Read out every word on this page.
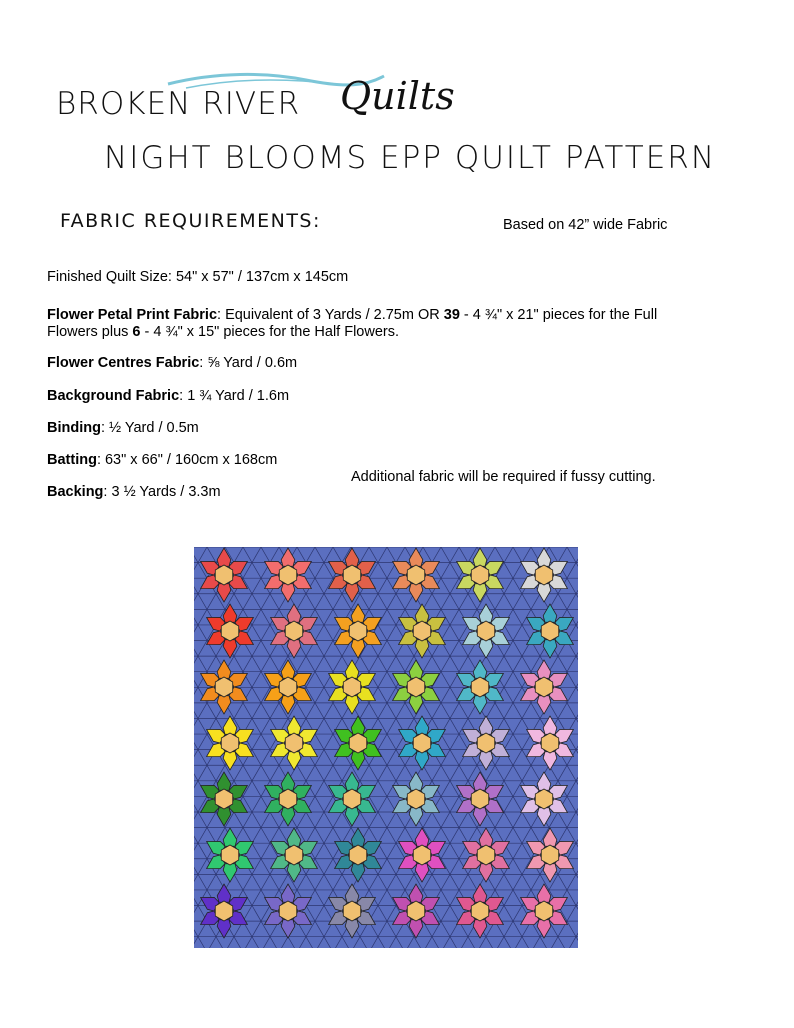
BROKEN RIVER Quilts
NIGHT BLOOMS EPP QUILT PATTERN
FABRIC REQUIREMENTS:	Based on 42” wide Fabric
Finished Quilt Size: 54" x 57" / 137cm x 145cm
Flower Petal Print Fabric: Equivalent of 3 Yards / 2.75m OR 39 - 4 ¾" x 21" pieces for the Full
Flowers plus 6 - 4 ¾" x 15" pieces for the Half Flowers.
Flower Centres Fabric: ⅝ Yard / 0.6m
Background Fabric: 1 ¾ Yard / 1.6m
Binding: ½ Yard / 0.5m
Batting: 63" x 66" / 160cm x 168cm
Additional fabric will be required if fussy cutting.
Backing: 3 ½ Yards / 3.3m
